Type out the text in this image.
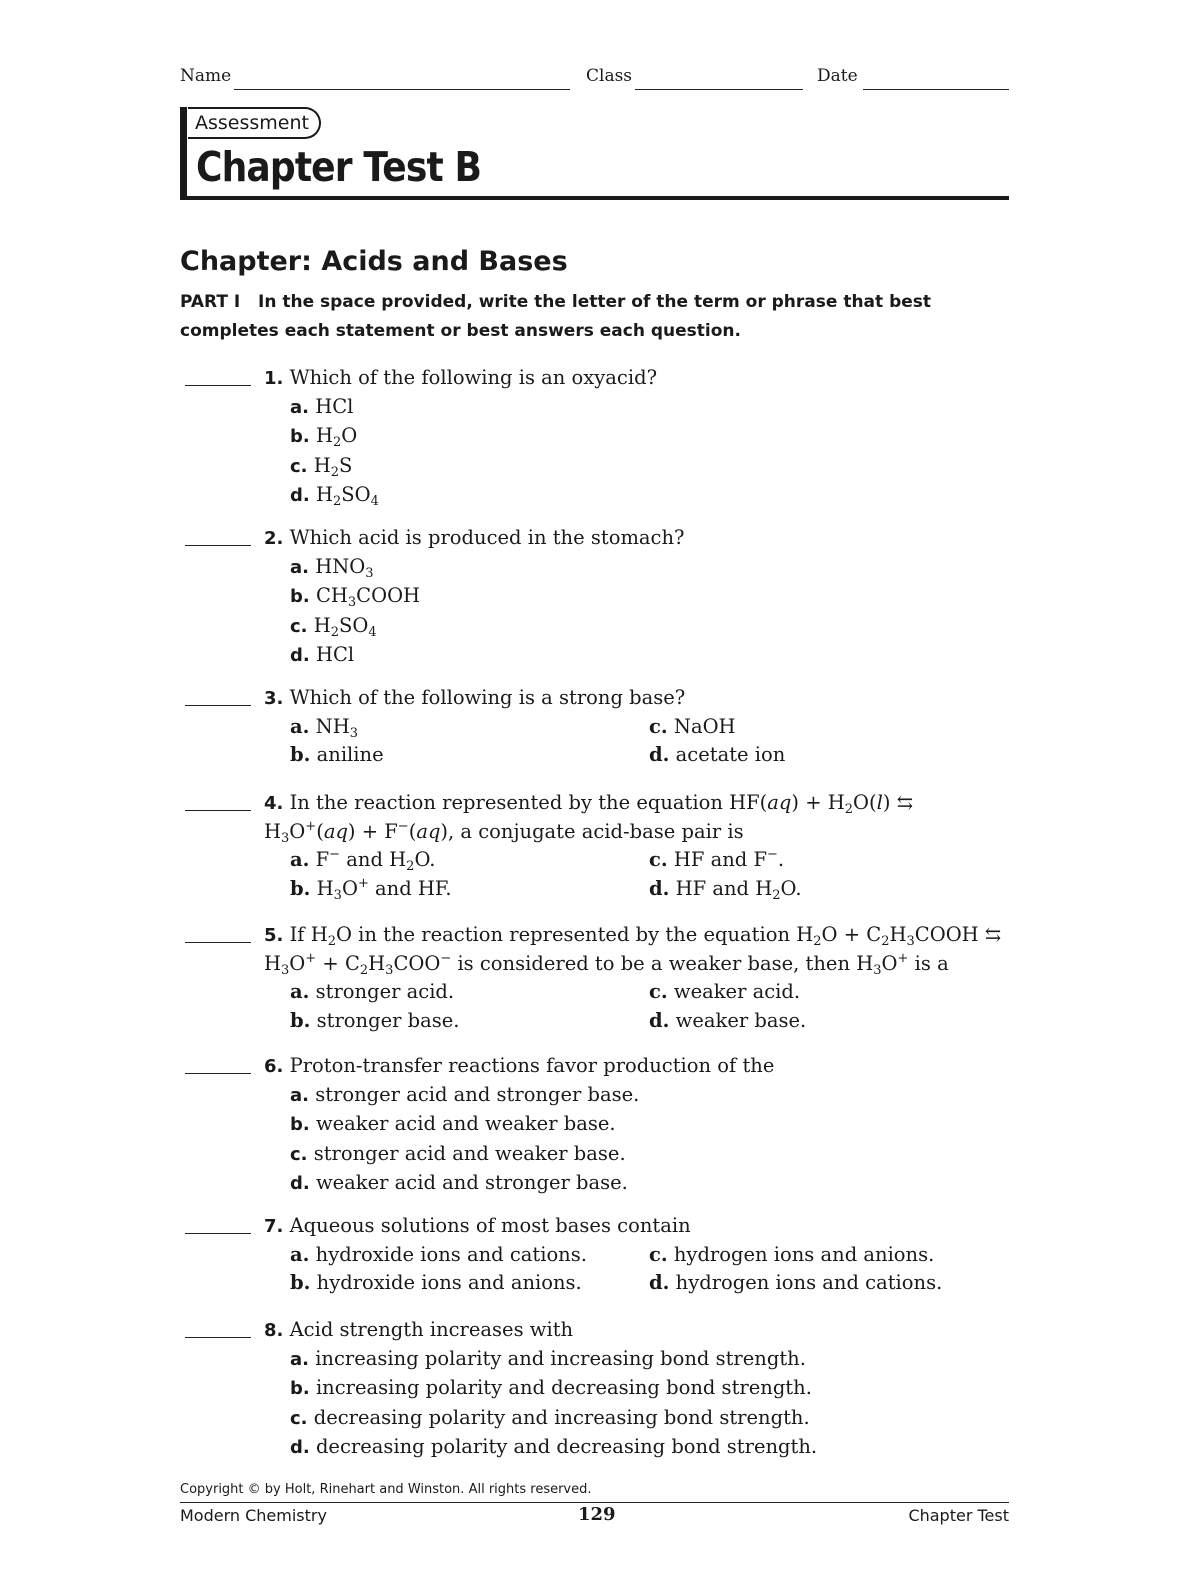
Name	Class	Date
Assessment
Chapter Test B
Chapter: Acids and Bases
PART I In the space provided, write the letter of the term or phrase that best completes each statement or best answers each question.
1. Which of the following is an oxyacid?
a. HCl
b. $H_2O$
c. $H_2S$
d. $H_2SO_4$
2. Which acid is produced in the stomach?
a. $HNO_3$
b. $CH_3COOH$
c. $H_2SO_4$
d. HCl
3. Which of the following is a strong base?
a. $NH_3$	c. NaOH
b. aniline	d. acetate ion
4. In the reaction represented by the equation $HF(aq) + H_2O(l)$ ⇆
$H_3O^+(aq) + F^-(aq)$, a conjugate acid-base pair is
a. F− and $H_2O$.	c. HF and F−.
b. $H_3O^+$ and HF.	d. HF and $H_2O$.
5. If $H_2O$ in the reaction represented by the equation $H_2O$ + $C_2H_3COOH$ ⇆
$H_3O^+ + C_2H_3COO^-$ is considered to be a weaker base, then $H_3O^+$ is a
a. stronger acid.	c. weaker acid.
b. stronger base.	d. weaker base.
6. Proton-transfer reactions favor production of the
a. stronger acid and stronger base.
b. weaker acid and weaker base.
c. stronger acid and weaker base.
d. weaker acid and stronger base.
7. Aqueous solutions of most bases contain
a. hydroxide ions and cations.	c. hydrogen ions and anions.
b. hydroxide ions and anions.	d. hydrogen ions and cations.
8. Acid strength increases with
a. increasing polarity and increasing bond strength.
b. increasing polarity and decreasing bond strength.
c. decreasing polarity and increasing bond strength.
d. decreasing polarity and decreasing bond strength.
Copyright © by Holt, Rinehart and Winston. All rights reserved.
Modern Chemistry	129	Chapter Test
